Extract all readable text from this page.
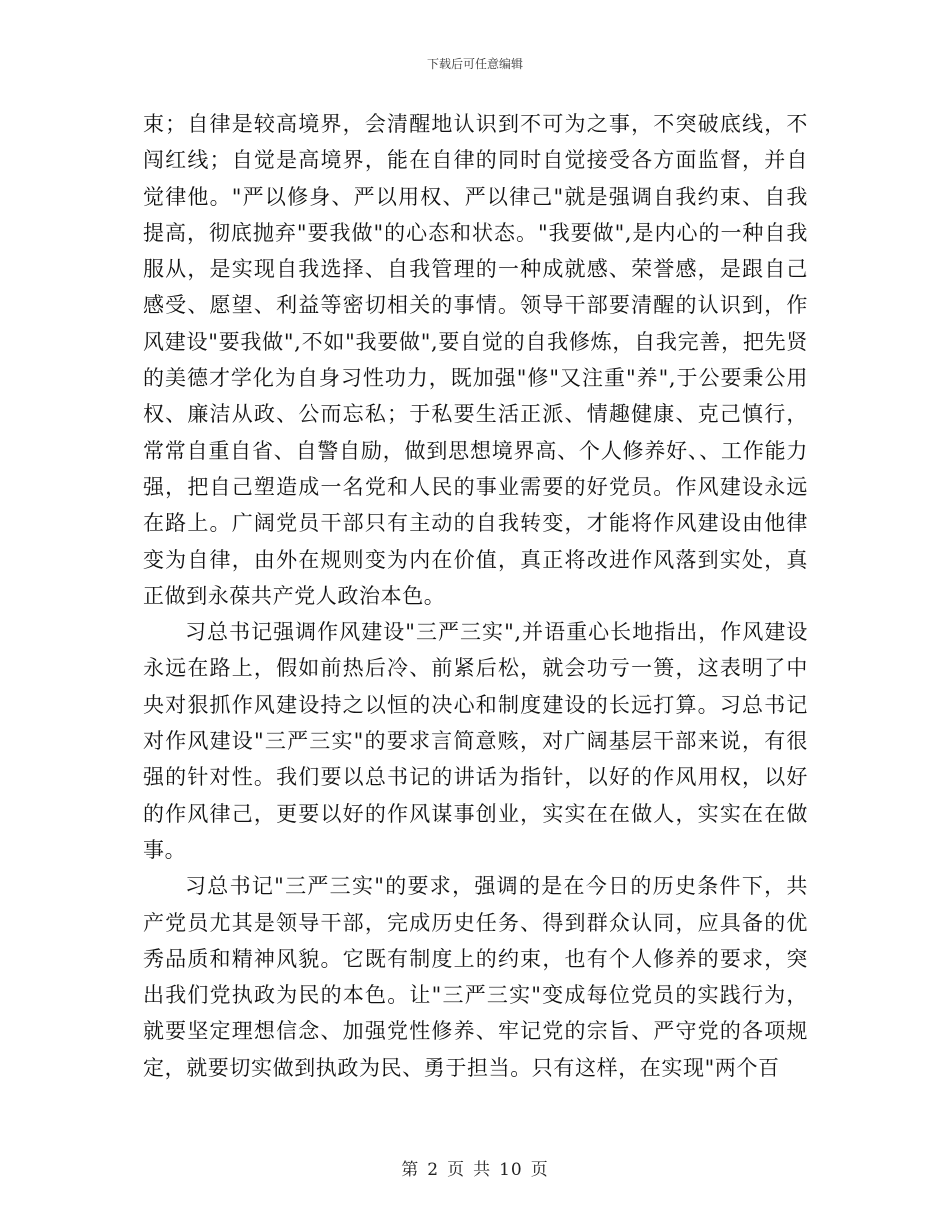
下载后可任意编辑

束；自律是较高境界，会清醒地认识到不可为之事，不突破底线，不闯红线；自觉是高境界，能在自律的同时自觉接受各方面监督，并自觉律他。"严以修身、严以用权、严以律己"就是强调自我约束、自我提高，彻底抛弃"要我做"的心态和状态。"我要做",是内心的一种自我服从，是实现自我选择、自我管理的一种成就感、荣誉感，是跟自己感受、愿望、利益等密切相关的事情。领导干部要清醒的认识到，作风建设"要我做",不如"我要做",要自觉的自我修炼，自我完善，把先贤的美德才学化为自身习性功力，既加强"修"又注重"养",于公要秉公用权、廉洁从政、公而忘私；于私要生活正派、情趣健康、克己慎行，常常自重自省、自警自励，做到思想境界高、个人修养好、、工作能力强，把自己塑造成一名党和人民的事业需要的好党员。作风建设永远在路上。广阔党员干部只有主动的自我转变，才能将作风建设由他律变为自律，由外在规则变为内在价值，真正将改进作风落到实处，真正做到永葆共产党人政治本色。

习总书记强调作风建设"三严三实",并语重心长地指出，作风建设永远在路上，假如前热后冷、前紧后松，就会功亏一篑，这表明了中央对狠抓作风建设持之以恒的决心和制度建设的长远打算。习总书记对作风建设"三严三实"的要求言简意赅，对广阔基层干部来说，有很强的针对性。我们要以总书记的讲话为指针，以好的作风用权，以好的作风律己，更要以好的作风谋事创业，实实在在做人，实实在在做事。

习总书记"三严三实"的要求，强调的是在今日的历史条件下，共产党员尤其是领导干部，完成历史任务、得到群众认同，应具备的优秀品质和精神风貌。它既有制度上的约束，也有个人修养的要求，突出我们党执政为民的本色。让"三严三实"变成每位党员的实践行为，就要坚定理想信念、加强党性修养、牢记党的宗旨、严守党的各项规定，就要切实做到执政为民、勇于担当。只有这样，在实现"两个百

第 2 页 共 10 页
